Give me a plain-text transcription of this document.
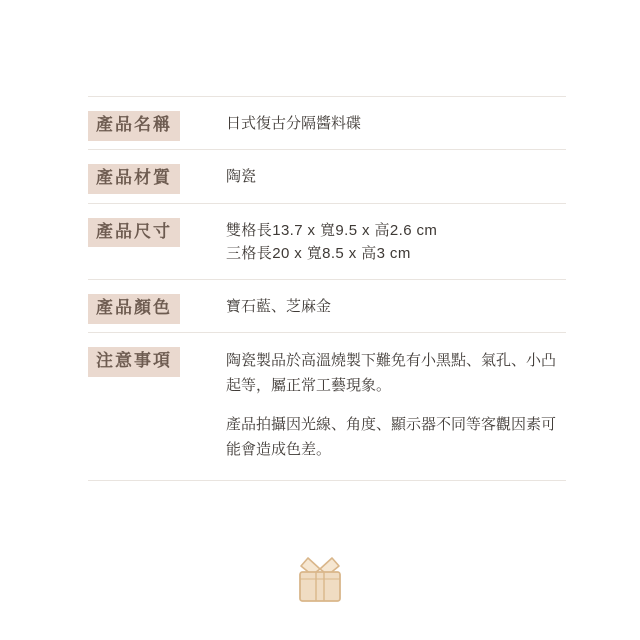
產品名稱	日式復古分隔醬料碟
產品材質	陶瓷
產品尺寸	雙格長13.7 x 寬9.5 x 高2.6 cm
三格長20 x 寬8.5 x 高3 cm
產品顏色	寶石藍、芝麻金
注意事項	陶瓷製品於高溫燒製下難免有小黑點、氣孔、小凸起等，屬正常工藝現象。
產品拍攝因光線、角度、顯示器不同等客觀因素可能會造成色差。
